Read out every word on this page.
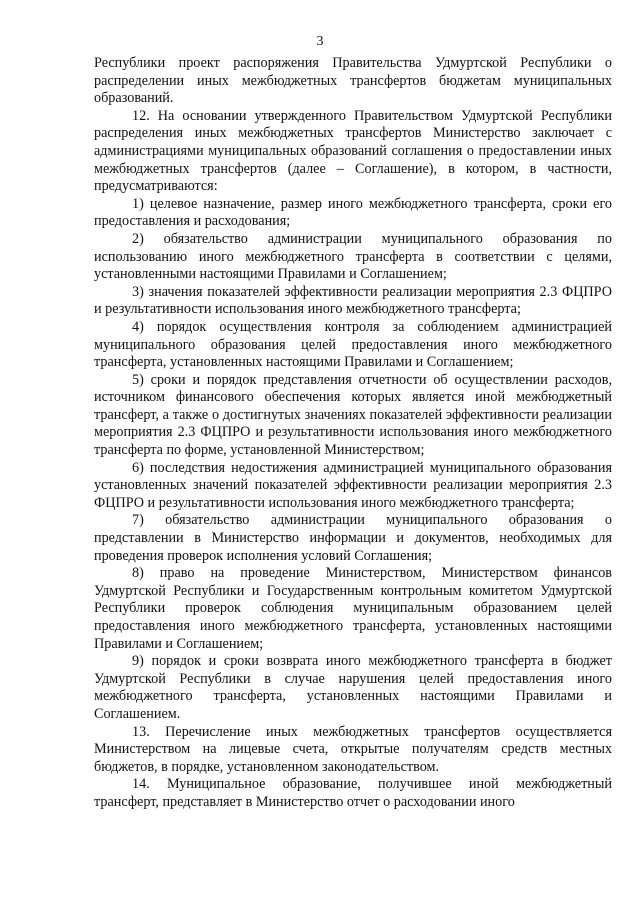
3

Республики проект распоряжения Правительства Удмуртской Республики о распределении иных межбюджетных трансфертов бюджетам муниципальных образований.

12. На основании утвержденного Правительством Удмуртской Республики распределения иных межбюджетных трансфертов Министерство заключает с администрациями муниципальных образований соглашения о предоставлении иных межбюджетных трансфертов (далее – Соглашение), в котором, в частности, предусматриваются:

1) целевое назначение, размер иного межбюджетного трансферта, сроки его предоставления и расходования;

2) обязательство администрации муниципального образования по использованию иного межбюджетного трансферта в соответствии с целями, установленными настоящими Правилами и Соглашением;

3) значения показателей эффективности реализации мероприятия 2.3 ФЦПРО и результативности использования иного межбюджетного трансферта;

4) порядок осуществления контроля за соблюдением администрацией муниципального образования целей предоставления иного межбюджетного трансферта, установленных настоящими Правилами и Соглашением;

5) сроки и порядок представления отчетности об осуществлении расходов, источником финансового обеспечения которых является иной межбюджетный трансферт, а также о достигнутых значениях показателей эффективности реализации мероприятия 2.3 ФЦПРО и результативности использования иного межбюджетного трансферта по форме, установленной Министерством;

6) последствия недостижения администрацией муниципального образования установленных значений показателей эффективности реализации мероприятия 2.3 ФЦПРО и результативности использования иного межбюджетного трансферта;

7) обязательство администрации муниципального образования о представлении в Министерство информации и документов, необходимых для проведения проверок исполнения условий Соглашения;

8) право на проведение Министерством, Министерством финансов Удмуртской Республики и Государственным контрольным комитетом Удмуртской Республики проверок соблюдения муниципальным образованием целей предоставления иного межбюджетного трансферта, установленных настоящими Правилами и Соглашением;

9) порядок и сроки возврата иного межбюджетного трансферта в бюджет Удмуртской Республики в случае нарушения целей предоставления иного межбюджетного трансферта, установленных настоящими Правилами и Соглашением.

13. Перечисление иных межбюджетных трансфертов осуществляется Министерством на лицевые счета, открытые получателям средств местных бюджетов, в порядке, установленном законодательством.

14. Муниципальное образование, получившее иной межбюджетный трансферт, представляет в Министерство отчет о расходовании иного
